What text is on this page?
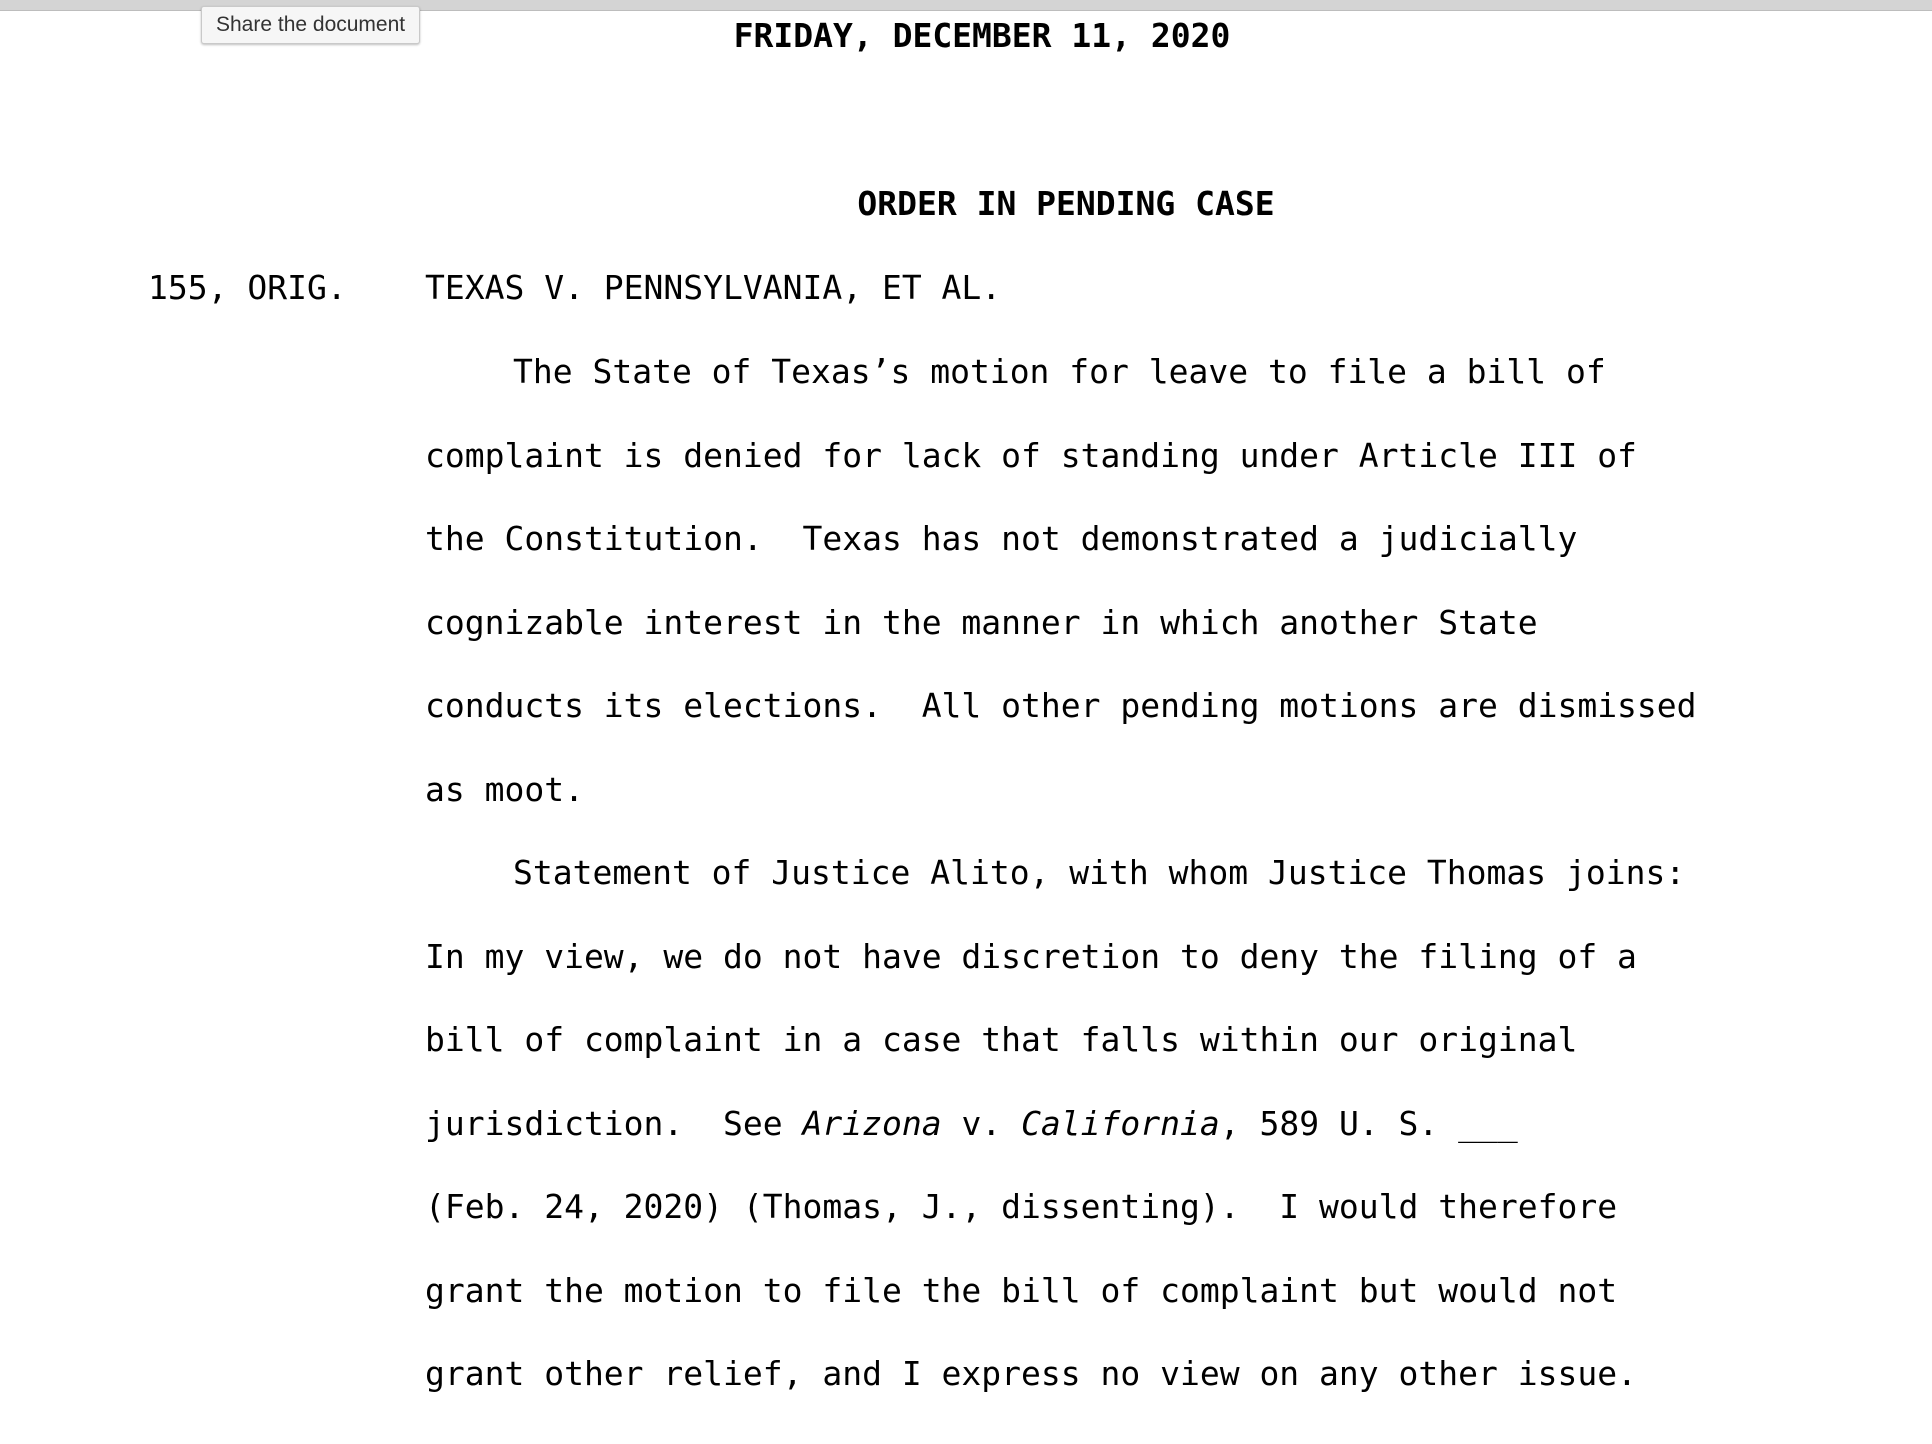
Share the document	FRIDAY, DECEMBER 11, 2020
ORDER IN PENDING CASE
155, ORIG. TEXAS V. PENNSYLVANIA, ET AL.
The State of Texas’s motion for leave to file a bill of
complaint is denied for lack of standing under Article III of
the Constitution.  Texas has not demonstrated a judicially
cognizable interest in the manner in which another State
conducts its elections.  All other pending motions are dismissed
as moot.
Statement of Justice Alito, with whom Justice Thomas joins:
In my view, we do not have discretion to deny the filing of a
bill of complaint in a case that falls within our original
jurisdiction.  See Arizona v. California, 589 U. S. ___
(Feb. 24, 2020) (Thomas, J., dissenting).  I would therefore
grant the motion to file the bill of complaint but would not
grant other relief, and I express no view on any other issue.
